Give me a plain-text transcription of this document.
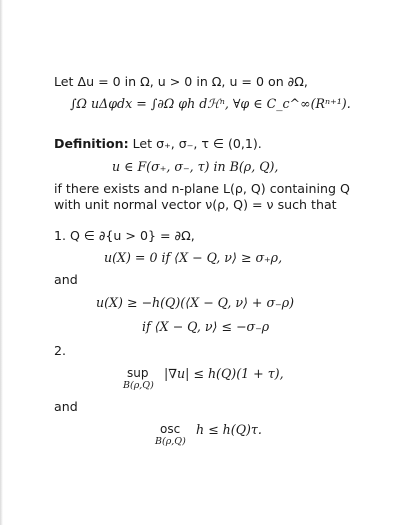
Let Δu = 0 in Ω, u > 0 in Ω, u = 0 on ∂Ω,
∫Ω uΔφdx = ∫∂Ω φh dℋⁿ, ∀φ ∈ C_c^∞(Rⁿ⁺¹).
Definition: Let σ₊, σ₋, τ ∈ (0,1).
u ∈ F(σ₊, σ₋, τ) in B(ρ, Q),
if there exists and n-plane L(ρ, Q) containing Q
with unit normal vector ν(ρ, Q) = ν such that
1. Q ∈ ∂{u > 0} = ∂Ω,
u(X) = 0 if ⟨X − Q, ν⟩ ≥ σ₊ρ,
and
u(X) ≥ −h(Q)(⟨X − Q, ν⟩ + σ₋ρ)
if ⟨X − Q, ν⟩ ≤ −σ₋ρ
2.
sup
B(ρ,Q)
|∇u| ≤ h(Q)(1 + τ),
and
osc
B(ρ,Q)
h ≤ h(Q)τ.
